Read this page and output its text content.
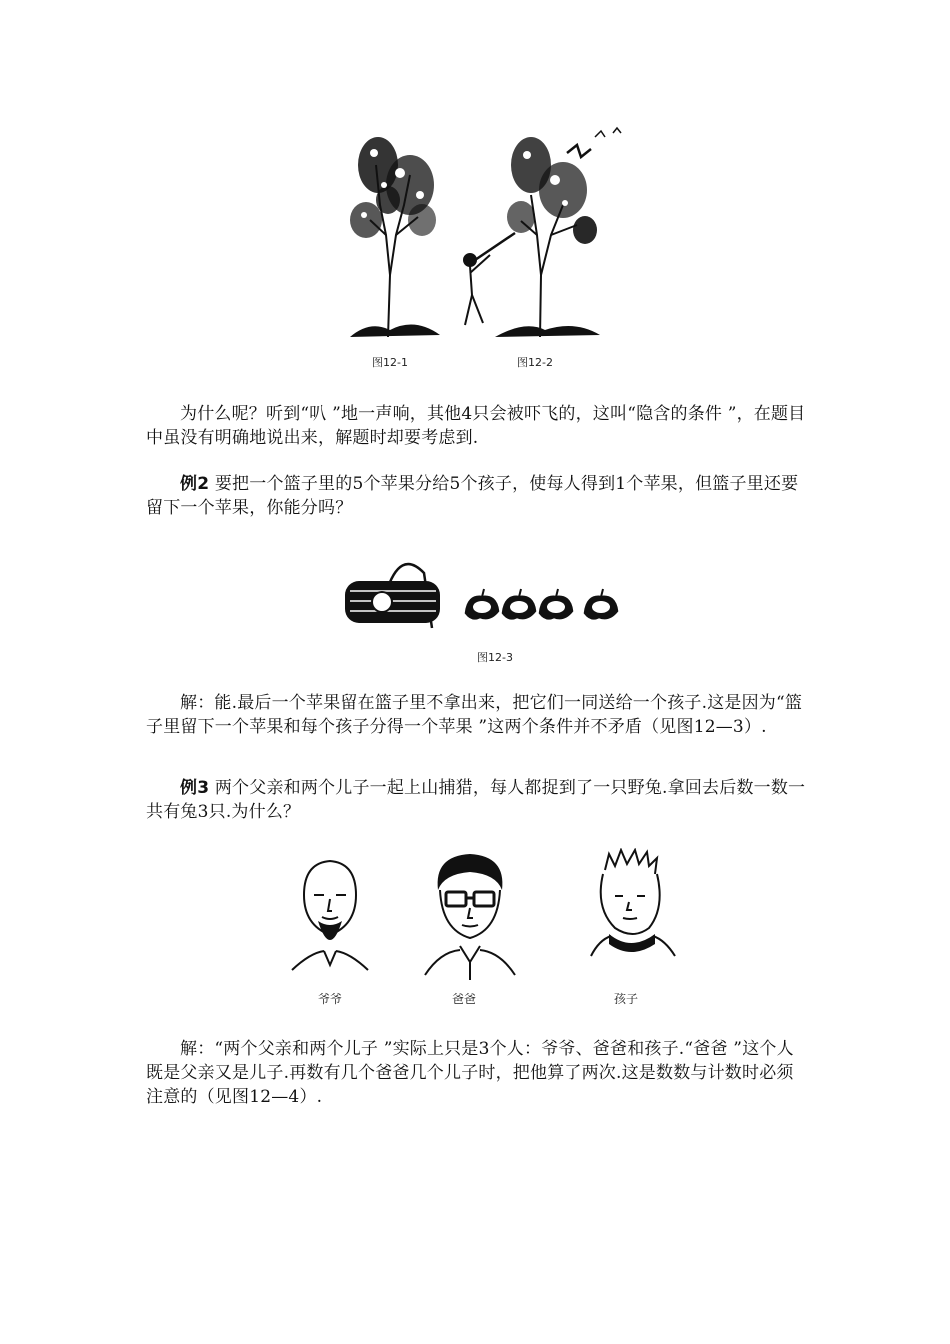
图12-1	图12-2
为什么呢？听到“叭 ”地一声响，其他4只会被吓飞的，这叫“隐含的条件 ”，在题目中虽没有明确地说出来，解题时却要考虑到.
例2 要把一个篮子里的5个苹果分给5个孩子，使每人得到1个苹果，但篮子里还要留下一个苹果，你能分吗？
图12-3
解：能.最后一个苹果留在篮子里不拿出来，把它们一同送给一个孩子.这是因为“篮子里留下一个苹果和每个孩子分得一个苹果 ”这两个条件并不矛盾（见图12—3）.
例3 两个父亲和两个儿子一起上山捕猎，每人都捉到了一只野兔.拿回去后数一数一共有兔3只.为什么？
爷爷	爸爸	孩子
解：“两个父亲和两个儿子 ”实际上只是3个人：爷爷、爸爸和孩子.“爸爸 ”这个人既是父亲又是儿子.再数有几个爸爸几个儿子时，把他算了两次.这是数数与计数时必须注意的（见图12—4）.
